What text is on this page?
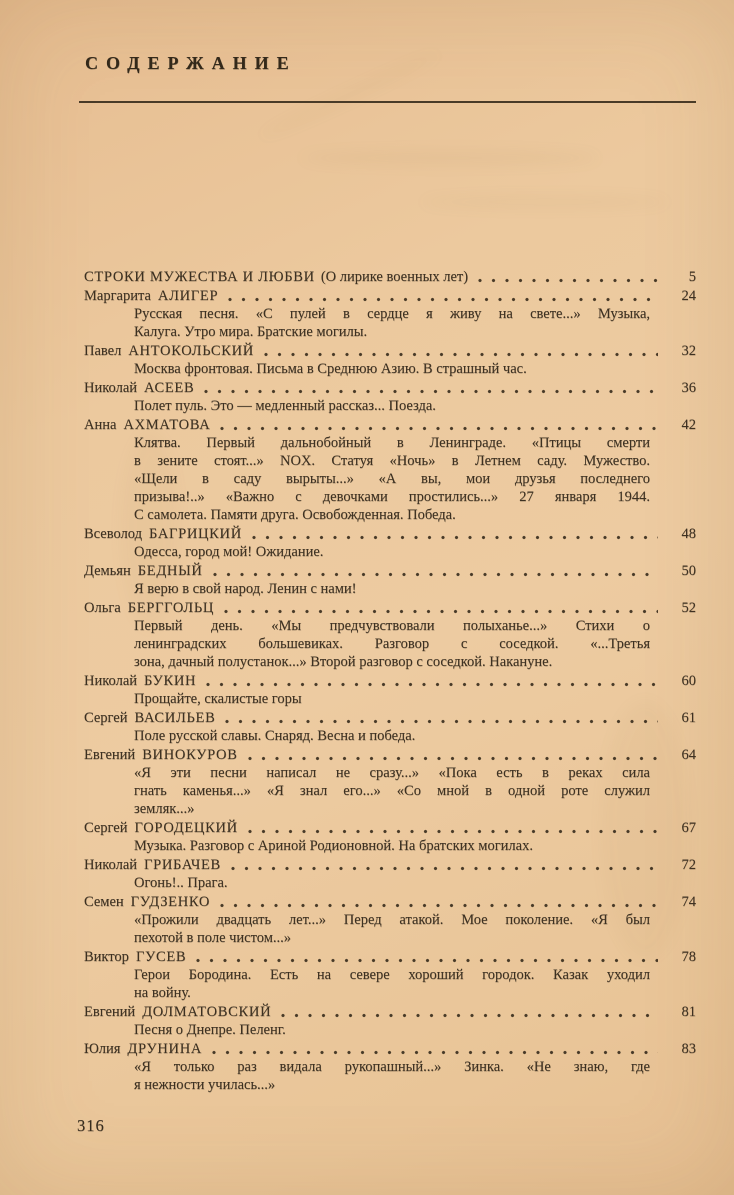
СОДЕРЖАНИЕ
СТРОКИ МУЖЕСТВА И ЛЮБВИ (О лирике военных лет)	5
Маргарита АЛИГЕР	24
Русская песня. «С пулей в сердце я живу на свете...» Музыка,
Калуга. Утро мира. Братские могилы.
Павел АНТОКОЛЬСКИЙ	32
Москва фронтовая. Письма в Среднюю Азию. В страшный час.
Николай АСЕЕВ	36
Полет пуль. Это — медленный рассказ... Поезда.
Анна АХМАТОВА	42
Клятва. Первый дальнобойный в Ленинграде. «Птицы смерти
в зените стоят...» NOX. Статуя «Ночь» в Летнем саду. Мужество.
«Щели в саду вырыты...» «А вы, мои друзья последнего
призыва!..» «Важно с девочками простились...» 27 января 1944.
С самолета. Памяти друга. Освобожденная. Победа.
Всеволод БАГРИЦКИЙ	48
Одесса, город мой! Ожидание.
Демьян БЕДНЫЙ	50
Я верю в свой народ. Ленин с нами!
Ольга БЕРГГОЛЬЦ	52
Первый день. «Мы предчувствовали полыханье...» Стихи о
ленинградских большевиках. Разговор с соседкой. «...Третья
зона, дачный полустанок...» Второй разговор с соседкой. Накануне.
Николай БУКИН	60
Прощайте, скалистые горы
Сергей ВАСИЛЬЕВ	61
Поле русской славы. Снаряд. Весна и победа.
Евгений ВИНОКУРОВ	64
«Я эти песни написал не сразу...» «Пока есть в реках сила
гнать каменья...» «Я знал его...» «Со мной в одной роте служил
земляк...»
Сергей ГОРОДЕЦКИЙ	67
Музыка. Разговор с Ариной Родионовной. На братских могилах.
Николай ГРИБАЧЕВ	72
Огонь!.. Прага.
Семен ГУДЗЕНКО	74
«Прожили двадцать лет...» Перед атакой. Мое поколение. «Я был
пехотой в поле чистом...»
Виктор ГУСЕВ	78
Герои Бородина. Есть на севере хороший городок. Казак уходил
на войну.
Евгений ДОЛМАТОВСКИЙ	81
Песня о Днепре. Пеленг.
Юлия ДРУНИНА	83
«Я только раз видала рукопашный...» Зинка. «Не знаю, где
я нежности училась...»
316
